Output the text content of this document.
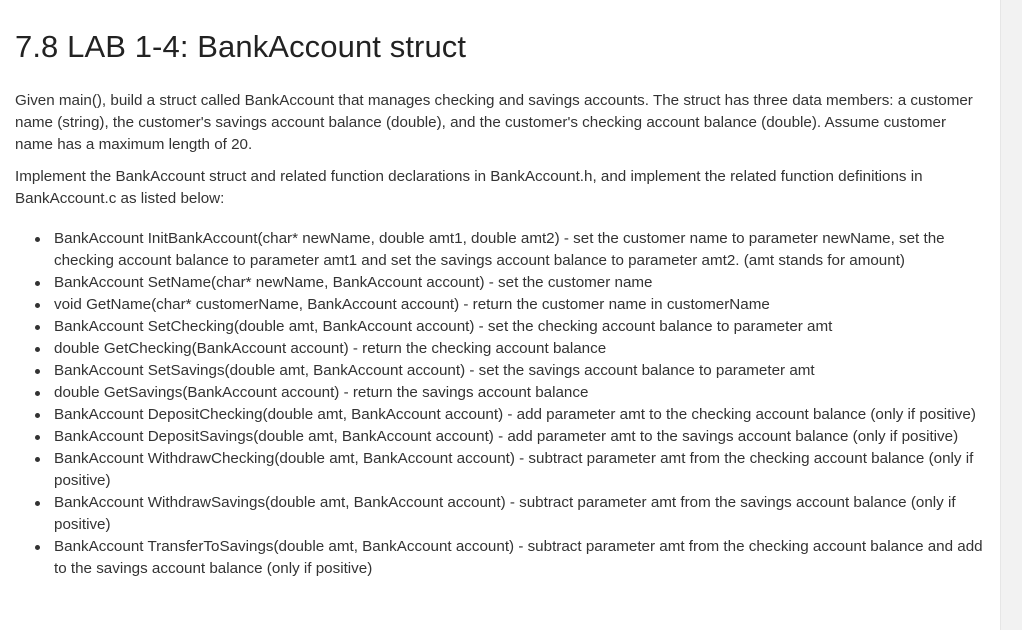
7.8 LAB 1-4: BankAccount struct

Given main(), build a struct called BankAccount that manages checking and savings accounts. The struct has three data members: a customer name (string), the customer's savings account balance (double), and the customer's checking account balance (double). Assume customer name has a maximum length of 20.

Implement the BankAccount struct and related function declarations in BankAccount.h, and implement the related function definitions in BankAccount.c as listed below:

BankAccount InitBankAccount(char* newName, double amt1, double amt2) - set the customer name to parameter newName, set the checking account balance to parameter amt1 and set the savings account balance to parameter amt2. (amt stands for amount)
BankAccount SetName(char* newName, BankAccount account) - set the customer name
void GetName(char* customerName, BankAccount account) - return the customer name in customerName
BankAccount SetChecking(double amt, BankAccount account) - set the checking account balance to parameter amt
double GetChecking(BankAccount account) - return the checking account balance
BankAccount SetSavings(double amt, BankAccount account) - set the savings account balance to parameter amt
double GetSavings(BankAccount account) - return the savings account balance
BankAccount DepositChecking(double amt, BankAccount account) - add parameter amt to the checking account balance (only if positive)
BankAccount DepositSavings(double amt, BankAccount account) - add parameter amt to the savings account balance (only if positive)
BankAccount WithdrawChecking(double amt, BankAccount account) - subtract parameter amt from the checking account balance (only if positive)
BankAccount WithdrawSavings(double amt, BankAccount account) - subtract parameter amt from the savings account balance (only if positive)
BankAccount TransferToSavings(double amt, BankAccount account) - subtract parameter amt from the checking account balance and add to the savings account balance (only if positive)
